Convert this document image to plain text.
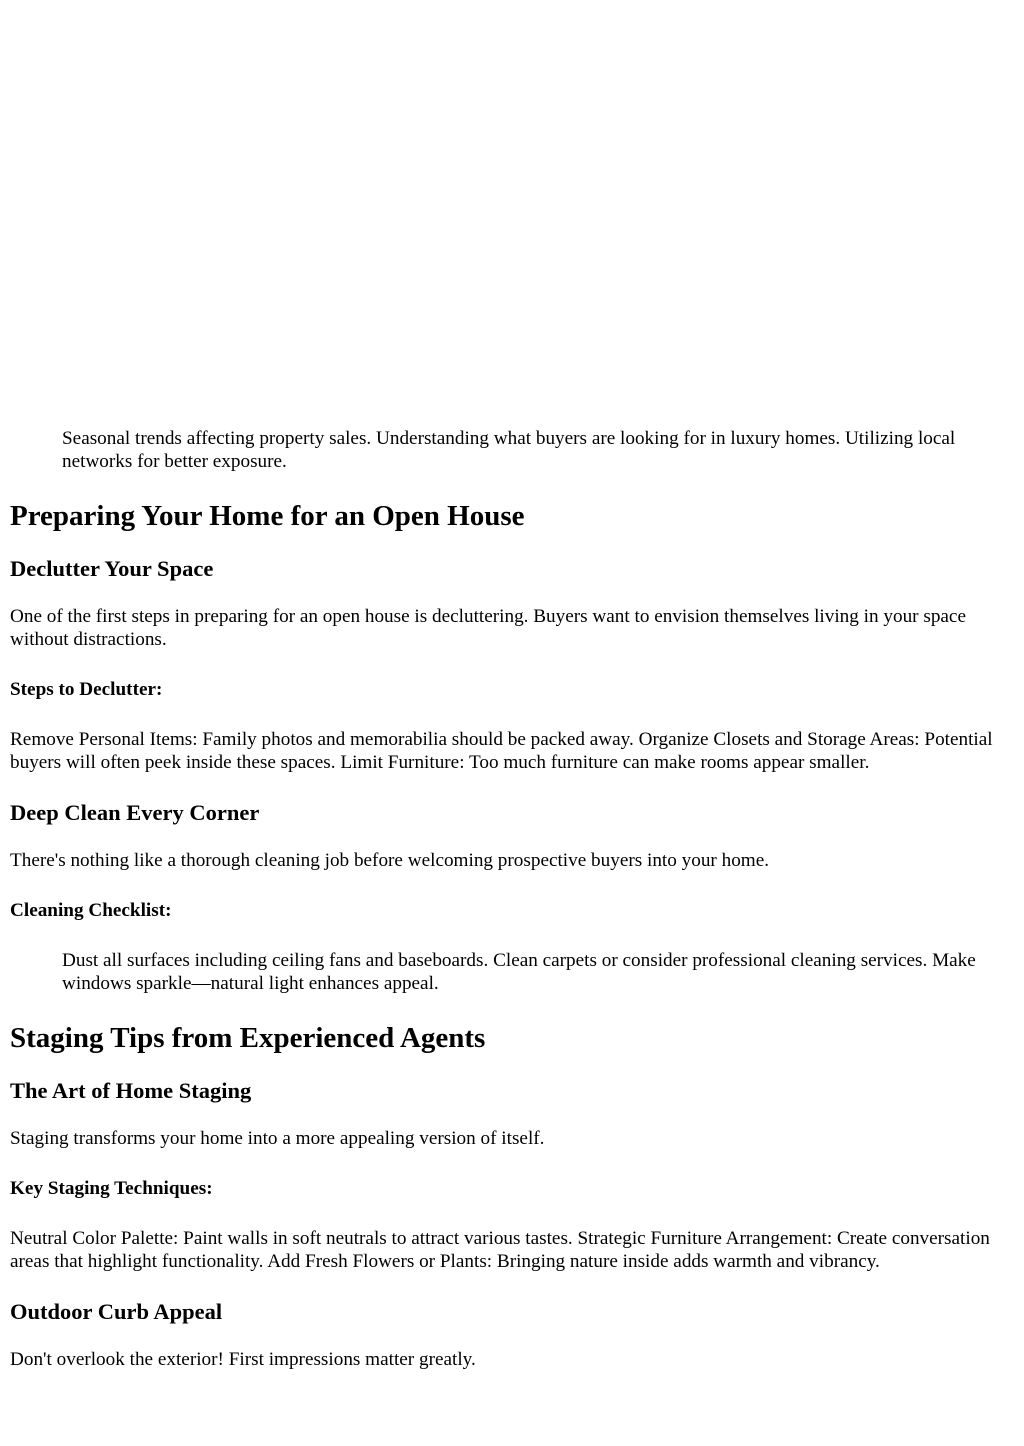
Seasonal trends affecting property sales. Understanding what buyers are looking for in luxury homes. Utilizing local networks for better exposure.
Preparing Your Home for an Open House
Declutter Your Space

One of the first steps in preparing for an open house is decluttering. Buyers want to envision themselves living in your space without distractions.

Steps to Declutter:

Remove Personal Items: Family photos and memorabilia should be packed away. Organize Closets and Storage Areas: Potential buyers will often peek inside these spaces. Limit Furniture: Too much furniture can make rooms appear smaller.

Deep Clean Every Corner

There's nothing like a thorough cleaning job before welcoming prospective buyers into your home.

Cleaning Checklist:
Dust all surfaces including ceiling fans and baseboards. Clean carpets or consider professional cleaning services. Make windows sparkle—natural light enhances appeal.
Staging Tips from Experienced Agents
The Art of Home Staging

Staging transforms your home into a more appealing version of itself.

Key Staging Techniques:

Neutral Color Palette: Paint walls in soft neutrals to attract various tastes. Strategic Furniture Arrangement: Create conversation areas that highlight functionality. Add Fresh Flowers or Plants: Bringing nature inside adds warmth and vibrancy.

Outdoor Curb Appeal

Don't overlook the exterior! First impressions matter greatly.
